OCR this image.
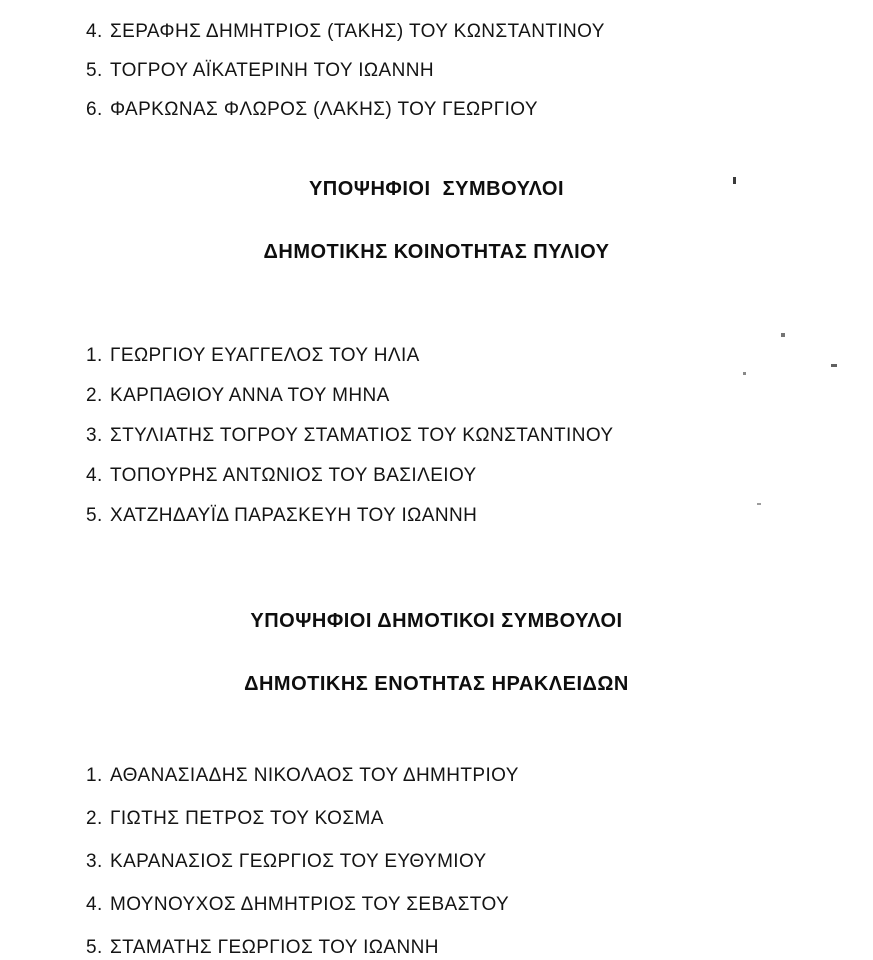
4. ΣΕΡΑΦΗΣ ΔΗΜΗΤΡΙΟΣ (ΤΑΚΗΣ) ΤΟΥ ΚΩΝΣΤΑΝΤΙΝΟΥ
5. ΤΟΓΡΟΥ ΑΪΚΑΤΕΡΙΝΗ ΤΟΥ ΙΩΑΝΝΗ
6. ΦΑΡΚΩΝΑΣ ΦΛΩΡΟΣ (ΛΑΚΗΣ) ΤΟΥ ΓΕΩΡΓΙΟΥ

ΥΠΟΨΗΦΙΟΙ  ΣΥΜΒΟΥΛΟΙ

ΔΗΜΟΤΙΚΗΣ ΚΟΙΝΟΤΗΤΑΣ ΠΥΛΙΟΥ

1. ΓΕΩΡΓΙΟΥ ΕΥΑΓΓΕΛΟΣ ΤΟΥ ΗΛΙΑ
2. ΚΑΡΠΑΘΙΟΥ ΑΝΝΑ ΤΟΥ ΜΗΝΑ
3. ΣΤΥΛΙΑΤΗΣ ΤΟΓΡΟΥ ΣΤΑΜΑΤΙΟΣ ΤΟΥ ΚΩΝΣΤΑΝΤΙΝΟΥ
4. ΤΟΠΟΥΡΗΣ ΑΝΤΩΝΙΟΣ ΤΟΥ ΒΑΣΙΛΕΙΟΥ
5. ΧΑΤΖΗΔΑΥΪΔ ΠΑΡΑΣΚΕΥΗ ΤΟΥ ΙΩΑΝΝΗ

ΥΠΟΨΗΦΙΟΙ ΔΗΜΟΤΙΚΟΙ ΣΥΜΒΟΥΛΟΙ

ΔΗΜΟΤΙΚΗΣ ΕΝΟΤΗΤΑΣ ΗΡΑΚΛΕΙΔΩΝ

1. ΑΘΑΝΑΣΙΑΔΗΣ ΝΙΚΟΛΑΟΣ ΤΟΥ ΔΗΜΗΤΡΙΟΥ
2. ΓΙΩΤΗΣ ΠΕΤΡΟΣ ΤΟΥ ΚΟΣΜΑ
3. ΚΑΡΑΝΑΣΙΟΣ ΓΕΩΡΓΙΟΣ ΤΟΥ ΕΥΘΥΜΙΟΥ
4. ΜΟΥΝΟΥΧΟΣ ΔΗΜΗΤΡΙΟΣ ΤΟΥ ΣΕΒΑΣΤΟΥ
5. ΣΤΑΜΑΤΗΣ ΓΕΩΡΓΙΟΣ ΤΟΥ ΙΩΑΝΝΗ
